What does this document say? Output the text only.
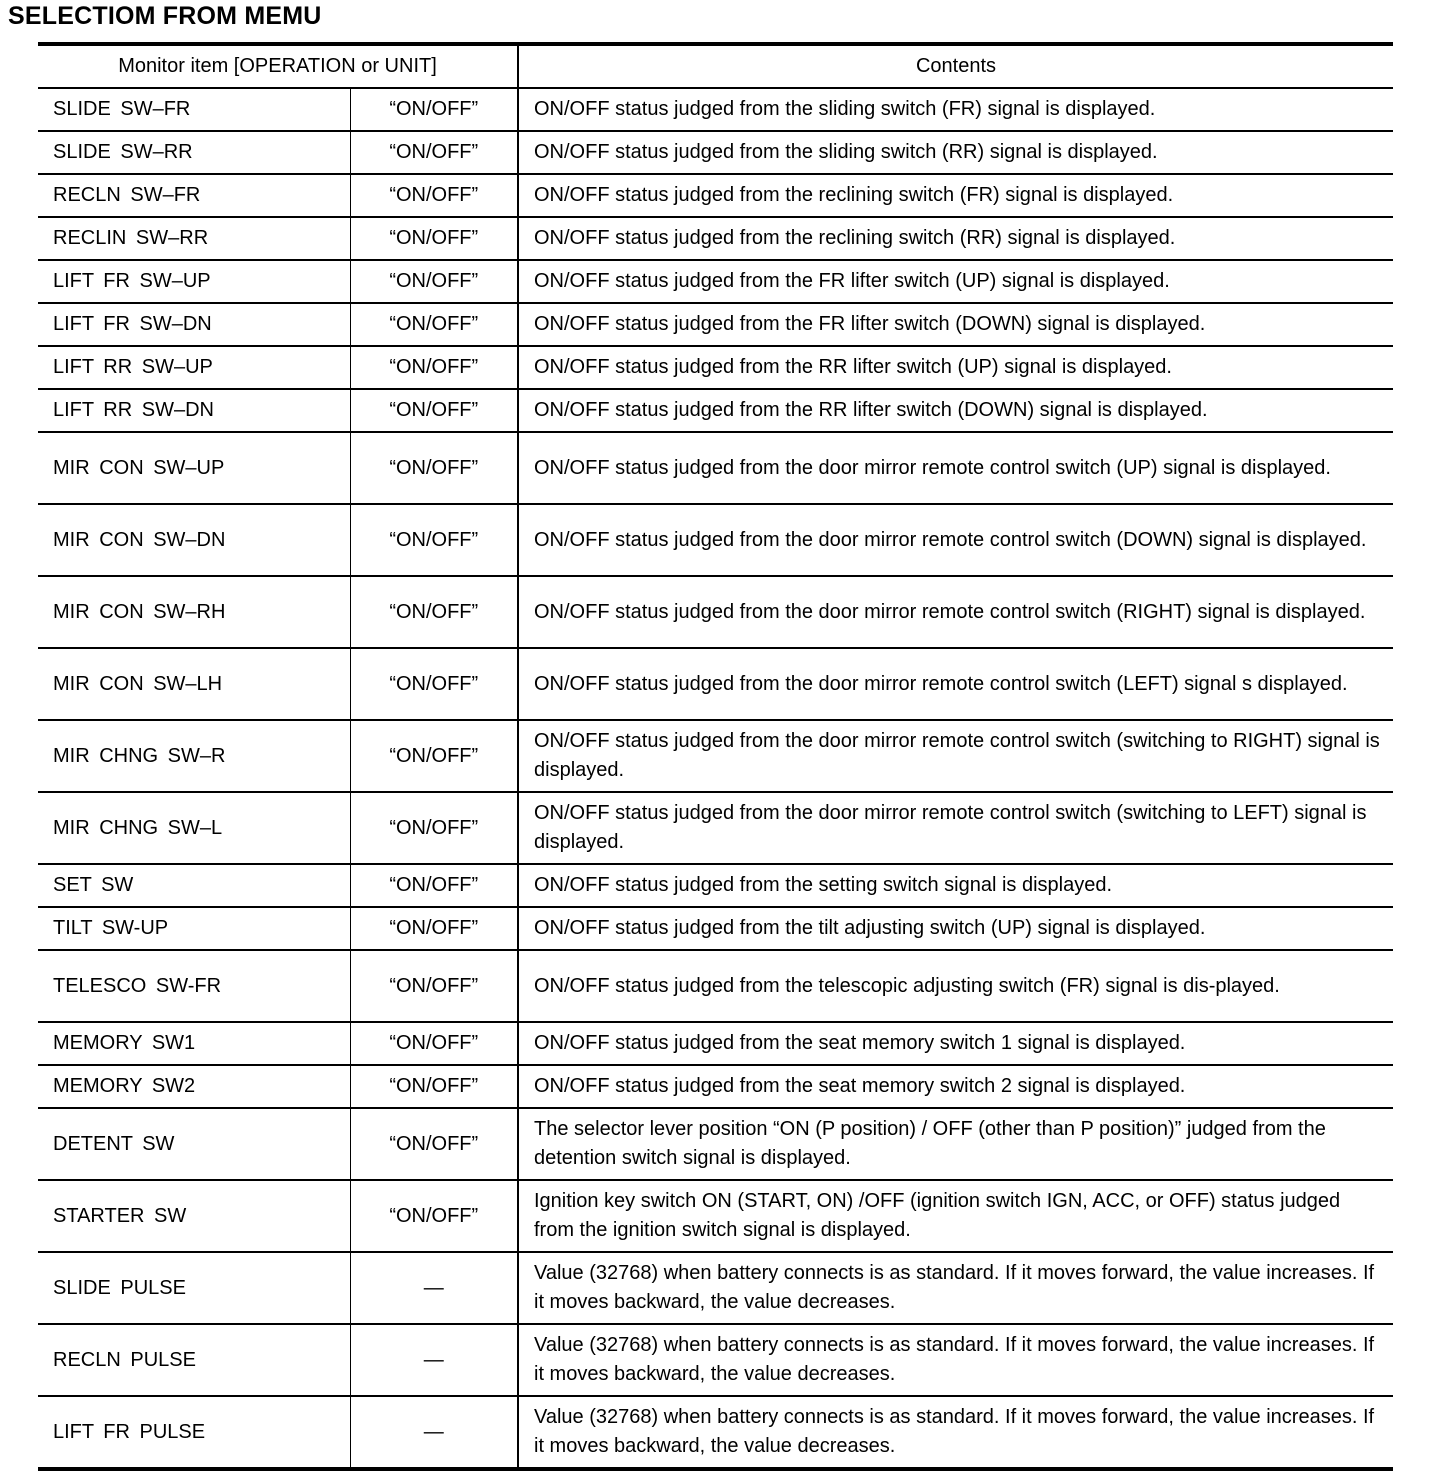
SELECTIOM FROM MEMU
Monitor item [OPERATION or UNIT]		Contents
SLIDE SW–FR	“ON/OFF”	ON/OFF status judged from the sliding switch (FR) signal is displayed.
SLIDE SW–RR	“ON/OFF”	ON/OFF status judged from the sliding switch (RR) signal is displayed.
RECLN SW–FR	“ON/OFF”	ON/OFF status judged from the reclining switch (FR) signal is displayed.
RECLIN SW–RR	“ON/OFF”	ON/OFF status judged from the reclining switch (RR) signal is displayed.
LIFT FR SW–UP	“ON/OFF”	ON/OFF status judged from the FR lifter switch (UP) signal is displayed.
LIFT FR SW–DN	“ON/OFF”	ON/OFF status judged from the FR lifter switch (DOWN) signal is displayed.
LIFT RR SW–UP	“ON/OFF”	ON/OFF status judged from the RR lifter switch (UP) signal is displayed.
LIFT RR SW–DN	“ON/OFF”	ON/OFF status judged from the RR lifter switch (DOWN) signal is displayed.
MIR CON SW–UP	“ON/OFF”	ON/OFF status judged from the door mirror remote control switch (UP) signal is displayed.
MIR CON SW–DN	“ON/OFF”	ON/OFF status judged from the door mirror remote control switch (DOWN) signal is displayed.
MIR CON SW–RH	“ON/OFF”	ON/OFF status judged from the door mirror remote control switch (RIGHT) signal is displayed.
MIR CON SW–LH	“ON/OFF”	ON/OFF status judged from the door mirror remote control switch (LEFT) signal s displayed.
MIR CHNG SW–R	“ON/OFF”	ON/OFF status judged from the door mirror remote control switch (switching to RIGHT) signal is displayed.
MIR CHNG SW–L	“ON/OFF”	ON/OFF status judged from the door mirror remote control switch (switching to LEFT) signal is displayed.
SET SW	“ON/OFF”	ON/OFF status judged from the setting switch signal is displayed.
TILT SW-UP	“ON/OFF”	ON/OFF status judged from the tilt adjusting switch (UP) signal is displayed.
TELESCO SW-FR	“ON/OFF”	ON/OFF status judged from the telescopic adjusting switch (FR) signal is dis-played.
MEMORY SW1	“ON/OFF”	ON/OFF status judged from the seat memory switch 1 signal is displayed.
MEMORY SW2	“ON/OFF”	ON/OFF status judged from the seat memory switch 2 signal is displayed.
DETENT SW	“ON/OFF”	The selector lever position “ON (P position) / OFF (other than P position)” judged from the detention switch signal is displayed.
STARTER SW	“ON/OFF”	Ignition key switch ON (START, ON) /OFF (ignition switch IGN, ACC, or OFF) status judged from the ignition switch signal is displayed.
SLIDE PULSE	—	Value (32768) when battery connects is as standard. If it moves forward, the value increases. If it moves backward, the value decreases.
RECLN PULSE	—	Value (32768) when battery connects is as standard. If it moves forward, the value increases. If it moves backward, the value decreases.
LIFT FR PULSE	—	Value (32768) when battery connects is as standard. If it moves forward, the value increases. If it moves backward, the value decreases.
